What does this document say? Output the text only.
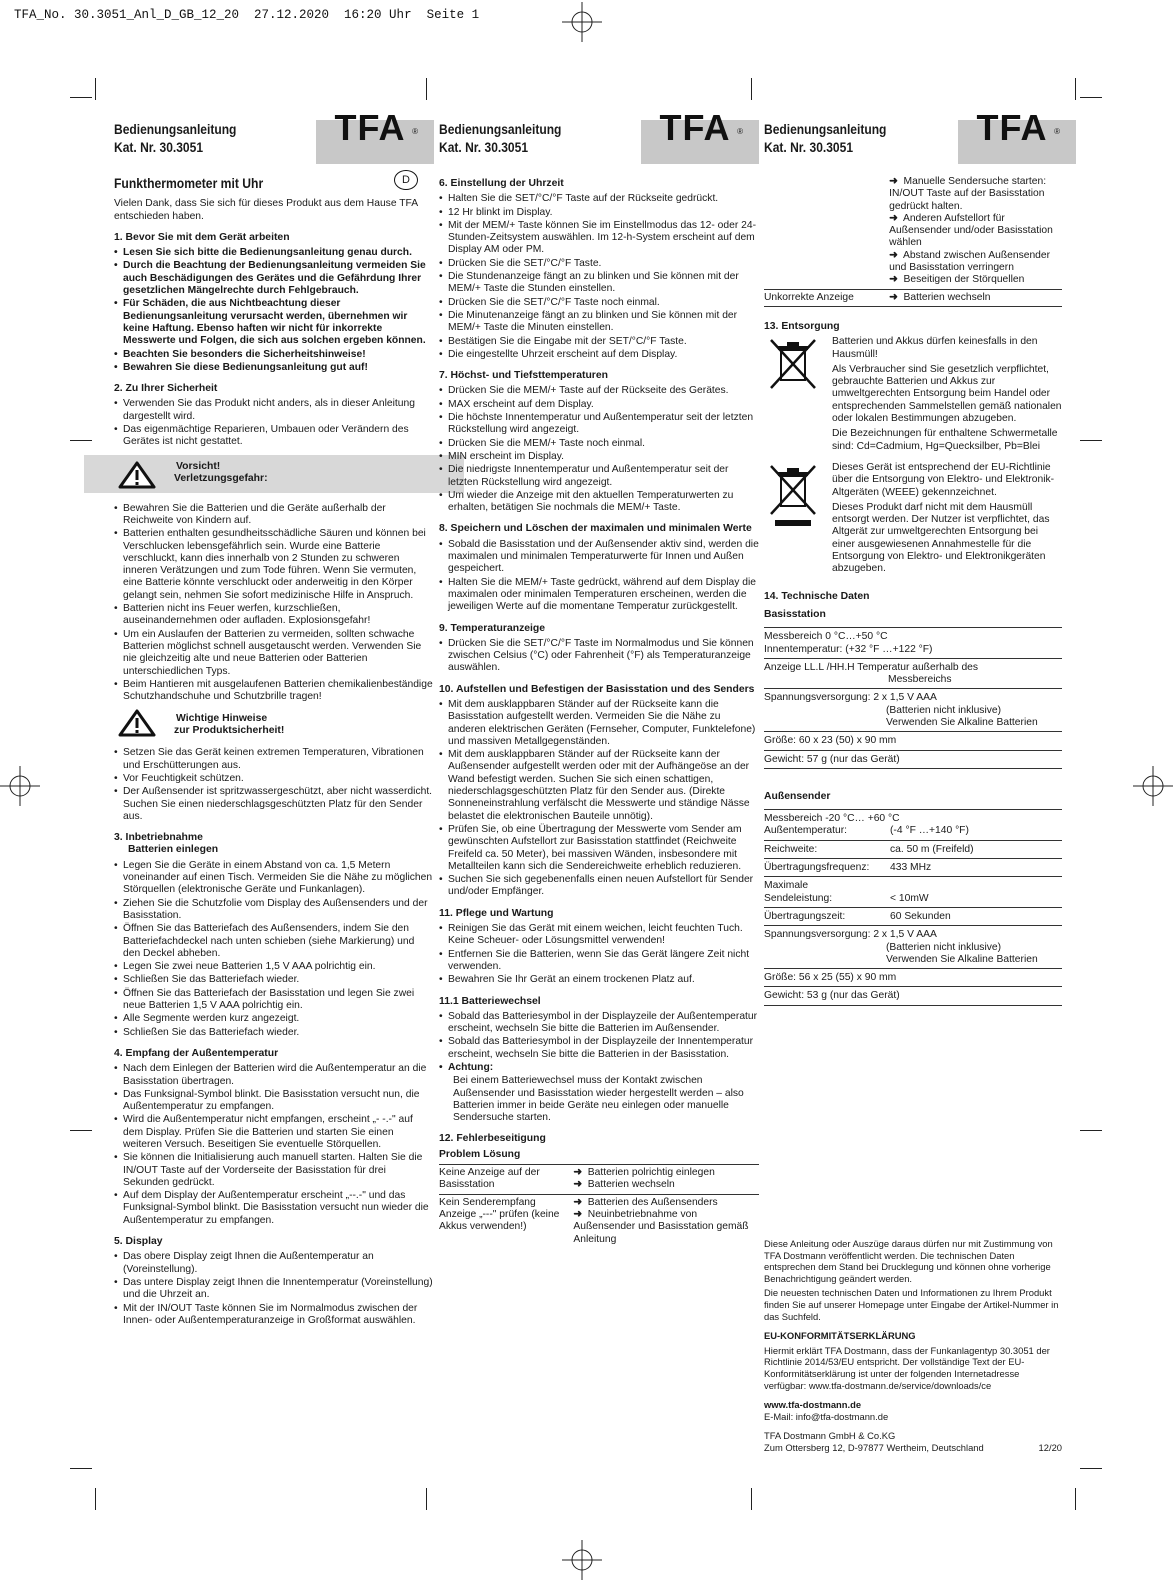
TFA_No. 30.3051_Anl_D_GB_12_20  27.12.2020  16:20 Uhr  Seite 1
Bedienungsanleitung
Kat. Nr. 30.3051	TFA ®
Funkthermometer mit Uhr	D

Vielen Dank, dass Sie sich für dieses Produkt aus dem Hause TFA entschieden haben.

1. Bevor Sie mit dem Gerät arbeiten
• Lesen Sie sich bitte die Bedienungsanleitung genau durch.
• Durch die Beachtung der Bedienungsanleitung vermeiden Sie auch Beschädigungen des Gerätes und die Gefährdung Ihrer gesetzlichen Mängelrechte durch Fehlgebrauch.
• Für Schäden, die aus Nichtbeachtung dieser Bedienungsanleitung verursacht werden, übernehmen wir keine Haftung. Ebenso haften wir nicht für inkorrekte Messwerte und Folgen, die sich aus solchen ergeben können.
• Beachten Sie besonders die Sicherheitshinweise!
• Bewahren Sie diese Bedienungsanleitung gut auf!
2. Zu Ihrer Sicherheit
• Verwenden Sie das Produkt nicht anders, als in dieser Anleitung dargestellt wird.
• Das eigenmächtige Reparieren, Umbauen oder Verändern des Gerätes ist nicht gestattet.
Vorsicht!
Verletzungsgefahr:
• Bewahren Sie die Batterien und die Geräte außerhalb der Reichweite von Kindern auf.
• Batterien enthalten gesundheitsschädliche Säuren und können bei Verschlucken lebensgefährlich sein. Wurde eine Batterie verschluckt, kann dies innerhalb von 2 Stunden zu schweren inneren Verätzungen und zum Tode führen. Wenn Sie vermuten, eine Batterie könnte verschluckt oder anderweitig in den Körper gelangt sein, nehmen Sie sofort medizinische Hilfe in Anspruch.
• Batterien nicht ins Feuer werfen, kurzschließen, auseinandernehmen oder aufladen. Explosionsgefahr!
• Um ein Auslaufen der Batterien zu vermeiden, sollten schwache Batterien möglichst schnell ausgetauscht werden. Verwenden Sie nie gleichzeitig alte und neue Batterien oder Batterien unterschiedlichen Typs.
• Beim Hantieren mit ausgelaufenen Batterien chemikalienbeständige Schutzhandschuhe und Schutzbrille tragen!
Wichtige Hinweise
zur Produktsicherheit!
• Setzen Sie das Gerät keinen extremen Temperaturen, Vibrationen und Erschütterungen aus.
• Vor Feuchtigkeit schützen.
• Der Außensender ist spritzwassergeschützt, aber nicht wasserdicht. Suchen Sie einen niederschlagsgeschützten Platz für den Sender aus.
3. Inbetriebnahme
Batterien einlegen
• Legen Sie die Geräte in einem Abstand von ca. 1,5 Metern voneinander auf einen Tisch. Vermeiden Sie die Nähe zu möglichen Störquellen (elektronische Geräte und Funkanlagen).
• Ziehen Sie die Schutzfolie vom Display des Außensenders und der Basisstation.
• Öffnen Sie das Batteriefach des Außensenders, indem Sie den Batteriefachdeckel nach unten schieben (siehe Markierung) und den Deckel abheben.
• Legen Sie zwei neue Batterien 1,5 V AAA polrichtig ein.
• Schließen Sie das Batteriefach wieder.
• Öffnen Sie das Batteriefach der Basisstation und legen Sie zwei neue Batterien 1,5 V AAA polrichtig ein.
• Alle Segmente werden kurz angezeigt.
• Schließen Sie das Batteriefach wieder.
4. Empfang der Außentemperatur
• Nach dem Einlegen der Batterien wird die Außentemperatur an die Basisstation übertragen.
• Das Funksignal-Symbol blinkt. Die Basisstation versucht nun, die Außentemperatur zu empfangen.
• Wird die Außentemperatur nicht empfangen, erscheint „- -.-" auf dem Display. Prüfen Sie die Batterien und starten Sie einen weiteren Versuch. Beseitigen Sie eventuelle Störquellen.
• Sie können die Initialisierung auch manuell starten. Halten Sie die IN/OUT Taste auf der Vorderseite der Basisstation für drei Sekunden gedrückt.
• Auf dem Display der Außentemperatur erscheint „--.-" und das Funksignal-Symbol blinkt. Die Basisstation versucht nun wieder die Außentemperatur zu empfangen.
5. Display
• Das obere Display zeigt Ihnen die Außentemperatur an (Voreinstellung).
• Das untere Display zeigt Ihnen die Innentemperatur (Voreinstellung) und die Uhrzeit an.
• Mit der IN/OUT Taste können Sie im Normalmodus zwischen der Innen- oder Außentemperaturanzeige in Großformat auswählen.
Bedienungsanleitung
Kat. Nr. 30.3051	TFA ®
6. Einstellung der Uhrzeit
• Halten Sie die SET/°C/°F Taste auf der Rückseite gedrückt.
• 12 Hr blinkt im Display.
• Mit der MEM/+ Taste können Sie im Einstellmodus das 12- oder 24-Stunden-Zeitsystem auswählen. Im 12-h-System erscheint auf dem Display AM oder PM.
• Drücken Sie die SET/°C/°F Taste.
• Die Stundenanzeige fängt an zu blinken und Sie können mit der MEM/+ Taste die Stunden einstellen.
• Drücken Sie die SET/°C/°F Taste noch einmal.
• Die Minutenanzeige fängt an zu blinken und Sie können mit der MEM/+ Taste die Minuten einstellen.
• Bestätigen Sie die Eingabe mit der SET/°C/°F Taste.
• Die eingestellte Uhrzeit erscheint auf dem Display.
7. Höchst- und Tiefsttemperaturen
• Drücken Sie die MEM/+ Taste auf der Rückseite des Gerätes.
• MAX erscheint auf dem Display.
• Die höchste Innentemperatur und Außentemperatur seit der letzten Rückstellung wird angezeigt.
• Drücken Sie die MEM/+ Taste noch einmal.
• MIN erscheint im Display.
• Die niedrigste Innentemperatur und Außentemperatur seit der letzten Rückstellung wird angezeigt.
• Um wieder die Anzeige mit den aktuellen Temperaturwerten zu erhalten, betätigen Sie nochmals die MEM/+ Taste.
8. Speichern und Löschen der maximalen und minimalen Werte
• Sobald die Basisstation und der Außensender aktiv sind, werden die maximalen und minimalen Temperaturwerte für Innen und Außen gespeichert.
• Halten Sie die MEM/+ Taste gedrückt, während auf dem Display die maximalen oder minimalen Temperaturen erscheinen, werden die jeweiligen Werte auf die momentane Temperatur zurückgestellt.
9. Temperaturanzeige
• Drücken Sie die SET/°C/°F Taste im Normalmodus und Sie können zwischen Celsius (°C) oder Fahrenheit (°F) als Temperaturanzeige auswählen.
10. Aufstellen und Befestigen der Basisstation und des Senders
• Mit dem ausklappbaren Ständer auf der Rückseite kann die Basisstation aufgestellt werden. Vermeiden Sie die Nähe zu anderen elektrischen Geräten (Fernseher, Computer, Funktelefone) und massiven Metallgegenständen.
• Mit dem ausklappbaren Ständer auf der Rückseite kann der Außensender aufgestellt werden oder mit der Aufhängeöse an der Wand befestigt werden. Suchen Sie sich einen schattigen, niederschlagsgeschützten Platz für den Sender aus. (Direkte Sonneneinstrahlung verfälscht die Messwerte und ständige Nässe belastet die elektronischen Bauteile unnötig).
• Prüfen Sie, ob eine Übertragung der Messwerte vom Sender am gewünschten Aufstellort zur Basisstation stattfindet (Reichweite Freifeld ca. 50 Meter), bei massiven Wänden, insbesondere mit Metallteilen kann sich die Sendereichweite erheblich reduzieren.
• Suchen Sie sich gegebenenfalls einen neuen Aufstellort für Sender und/oder Empfänger.
11. Pflege und Wartung
• Reinigen Sie das Gerät mit einem weichen, leicht feuchten Tuch. Keine Scheuer- oder Lösungsmittel verwenden!
• Entfernen Sie die Batterien, wenn Sie das Gerät längere Zeit nicht verwenden.
• Bewahren Sie Ihr Gerät an einem trockenen Platz auf.
11.1 Batteriewechsel
• Sobald das Batteriesymbol in der Displayzeile der Außentemperatur erscheint, wechseln Sie bitte die Batterien im Außensender.
• Sobald das Batteriesymbol in der Displayzeile der Innentemperatur erscheint, wechseln Sie bitte die Batterien in der Basisstation.
• Achtung:

Bei einem Batteriewechsel muss der Kontakt zwischen Außensender und Basisstation wieder hergestellt werden – also Batterien immer in beide Geräte neu einlegen oder manuelle Sendersuche starten.

12. Fehlerbeseitigung
Problem Lösung
Keine Anzeige auf der Basisstation	➜ Batterien polrichtig einlegen
➜ Batterien wechseln

Kein Senderempfang Anzeige „---" prüfen (keine Akkus verwenden!)	➜ Batterien des Außensenders
➜ Neuinbetriebnahme von Außensender und Basisstation gemäß Anleitung
Bedienungsanleitung
Kat. Nr. 30.3051	TFA ®

	➜ Manuelle Sendersuche starten: IN/OUT Taste auf der Basisstation gedrückt halten.
➜ Anderen Aufstellort für Außensender und/oder Basisstation wählen
➜ Abstand zwischen Außensender und Basisstation verringern
➜ Beseitigen der Störquellen

Unkorrekte Anzeige	➜ Batterien wechseln
13. Entsorgung

Batterien und Akkus dürfen keinesfalls in den Hausmüll!

Als Verbraucher sind Sie gesetzlich verpflichtet, gebrauchte Batterien und Akkus zur umweltgerechten Entsorgung beim Handel oder entsprechenden Sammelstellen gemäß nationalen oder lokalen Bestimmungen abzugeben.

Die Bezeichnungen für enthaltene Schwermetalle sind: Cd=Cadmium, Hg=Quecksilber, Pb=Blei

Dieses Gerät ist entsprechend der EU-Richtlinie über die Entsorgung von Elektro- und Elektronik-Altgeräten (WEEE) gekennzeichnet.

Dieses Produkt darf nicht mit dem Hausmüll entsorgt werden. Der Nutzer ist verpflichtet, das Altgerät zur umweltgerechten Entsorgung bei einer ausgewiesenen Annahmestelle für die Entsorgung von Elektro- und Elektronikgeräten abzugeben.

14. Technische Daten
Basisstation
Messbereich 0 °C…+50 °C
Innentemperatur: (+32 °F …+122 °F)
Anzeige LL.L /HH.H Temperatur außerhalb des
Messbereichs
Spannungsversorgung: 2 x 1,5 V AAA
(Batterien nicht inklusive)
Verwenden Sie Alkaline Batterien
Größe: 60 x 23 (50) x 90 mm
Gewicht: 57 g (nur das Gerät)
Außensender
Messbereich -20 °C… +60 °C
Außentemperatur:	(-4 °F …+140 °F)
Reichweite:	ca. 50 m (Freifeld)
Übertragungsfrequenz:	433 MHz
Maximale
Sendeleistung:	< 10mW
Übertragungszeit:	60 Sekunden
Spannungsversorgung: 2 x 1,5 V AAA
(Batterien nicht inklusive)
Verwenden Sie Alkaline Batterien
Größe: 56 x 25 (55) x 90 mm
Gewicht: 53 g (nur das Gerät)

Diese Anleitung oder Auszüge daraus dürfen nur mit Zustimmung von TFA Dostmann veröffentlicht werden. Die technischen Daten entsprechen dem Stand bei Drucklegung und können ohne vorherige Benachrichtigung geändert werden.

Die neuesten technischen Daten und Informationen zu Ihrem Produkt finden Sie auf unserer Homepage unter Eingabe der Artikel-Nummer in das Suchfeld.

EU-KONFORMITÄTSERKLÄRUNG

Hiermit erklärt TFA Dostmann, dass der Funkanlagentyp 30.3051 der Richtlinie 2014/53/EU entspricht. Der vollständige Text der EU-Konformitätserklärung ist unter der folgenden Internetadresse verfügbar: www.tfa-dostmann.de/service/downloads/ce

www.tfa-dostmann.de

E-Mail: info@tfa-dostmann.de

TFA Dostmann GmbH & Co.KG

Zum Ottersberg 12, D-97877 Wertheim, Deutschland	12/20
